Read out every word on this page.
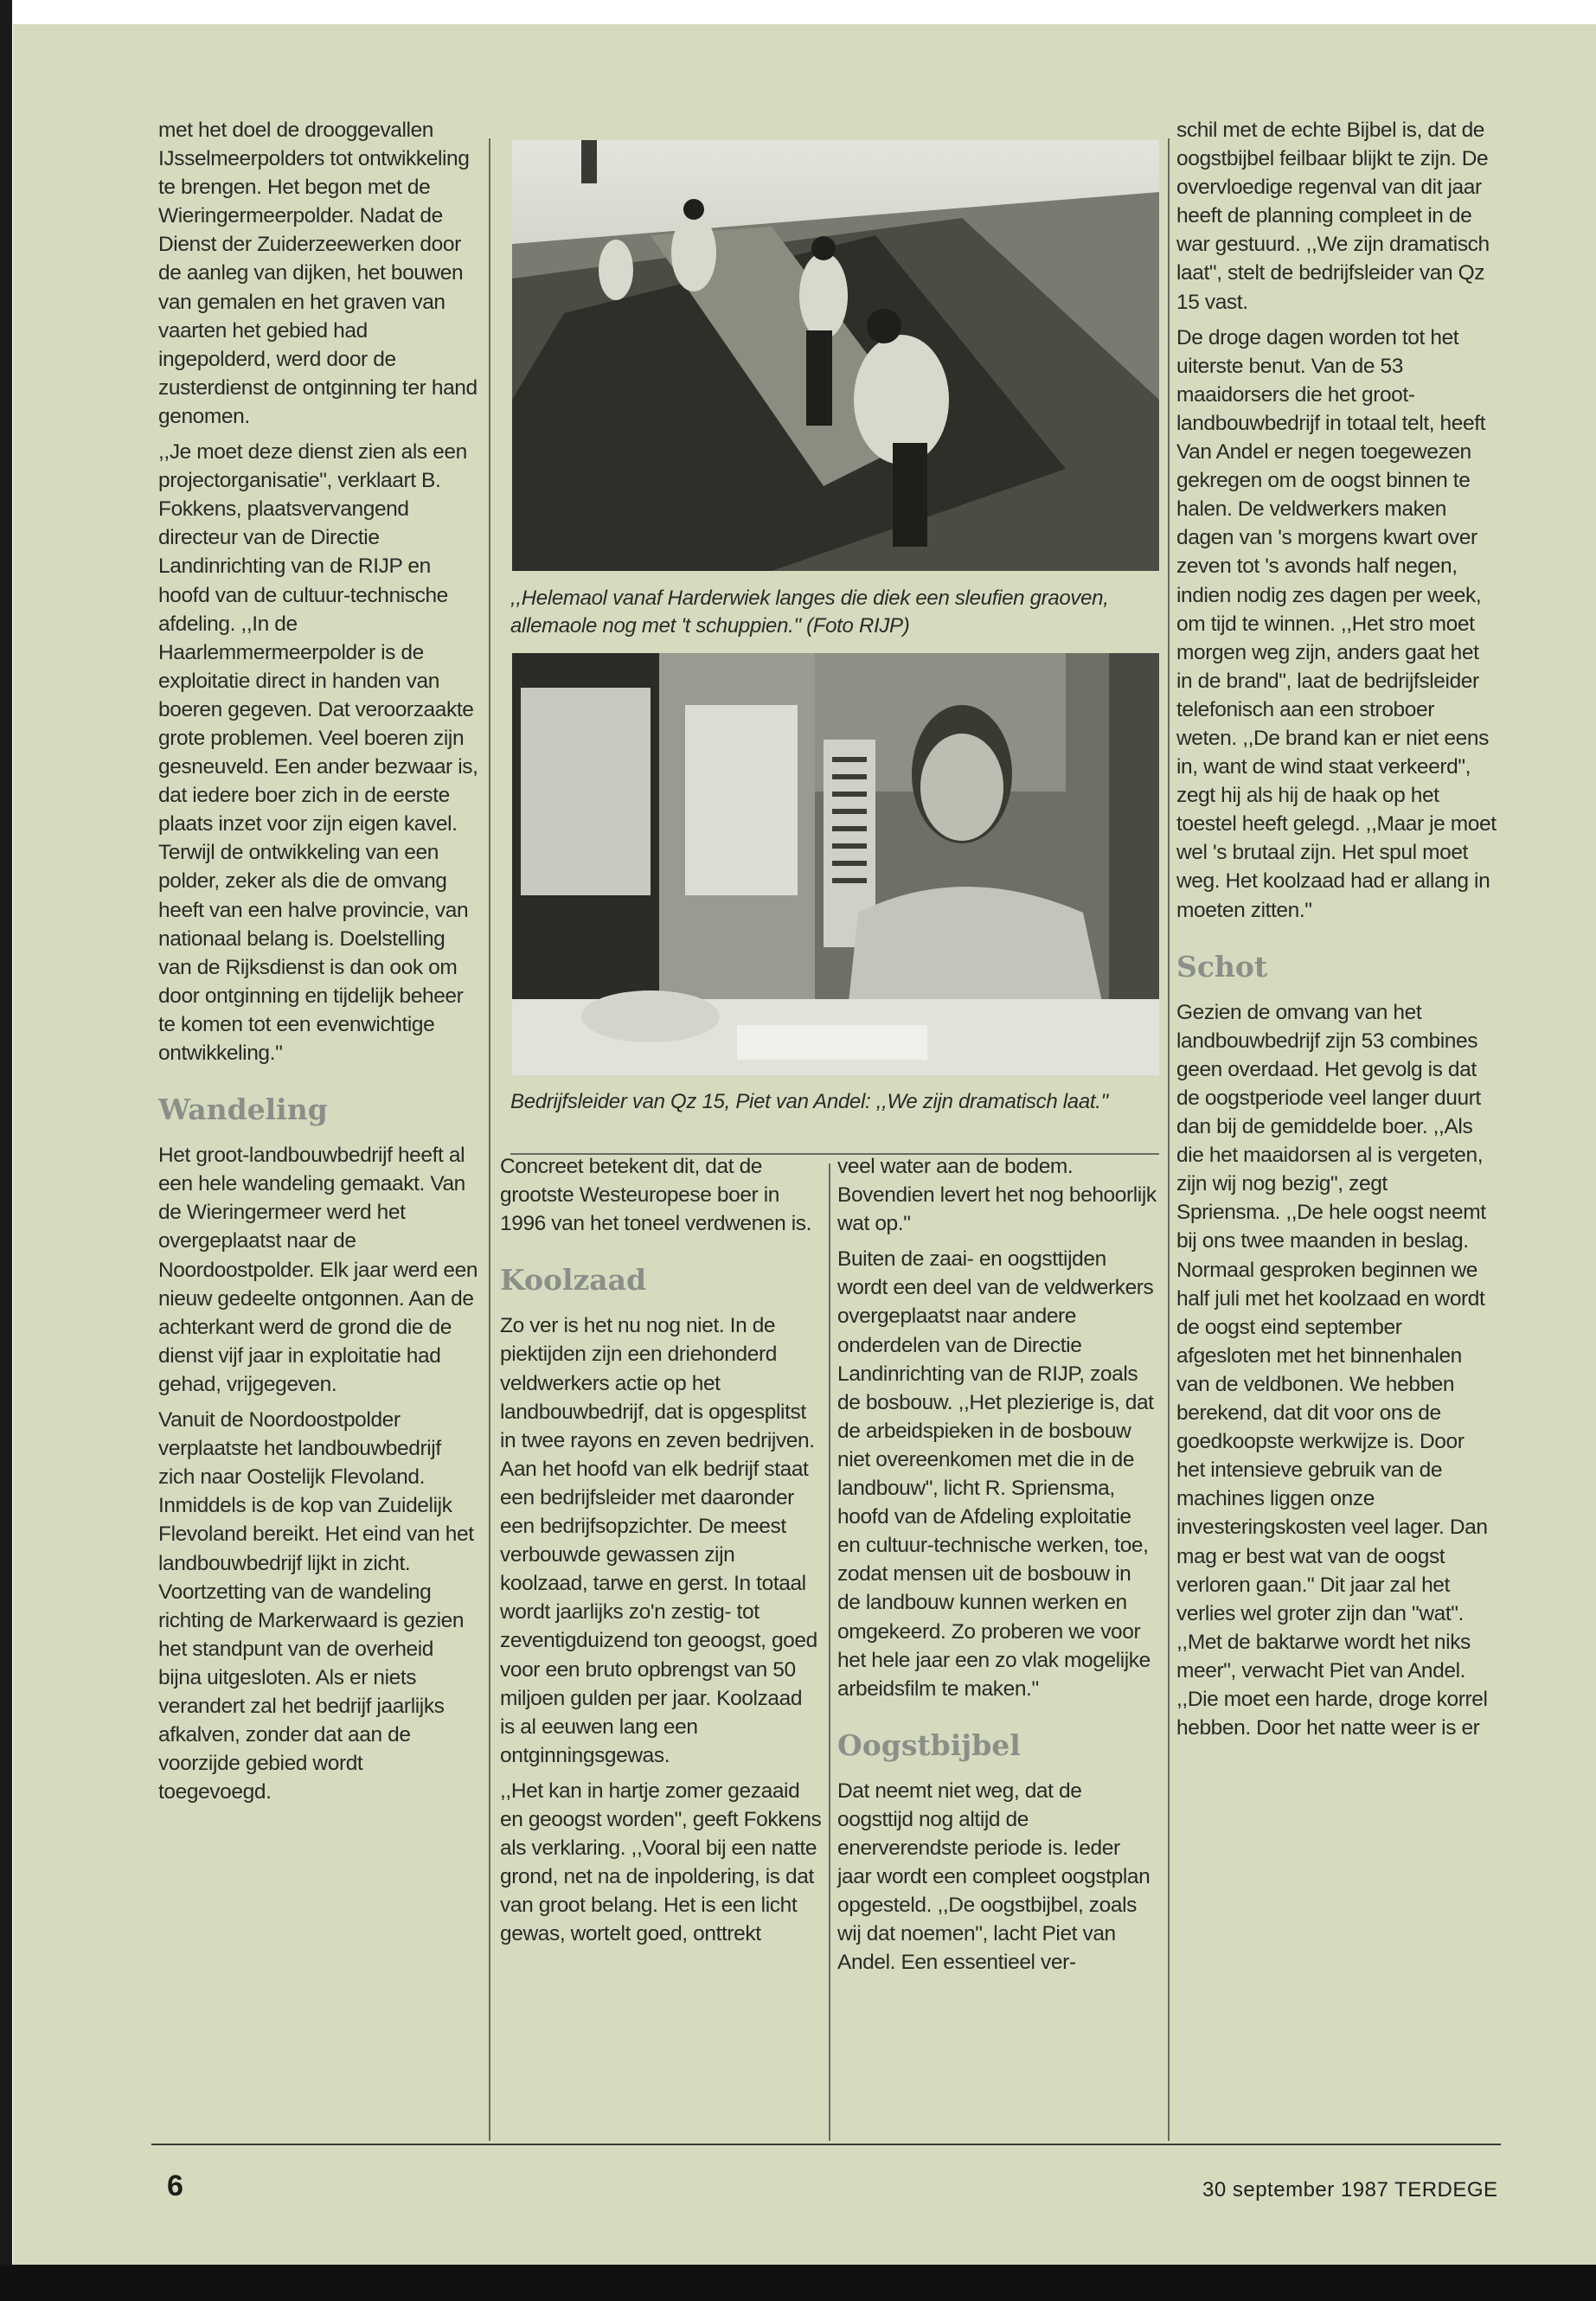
met het doel de drooggevallen IJsselmeerpolders tot ontwikkeling te brengen. Het begon met de Wieringermeerpolder. Nadat de Dienst der Zuiderzeewerken door de aanleg van dijken, het bouwen van gemalen en het graven van vaarten het gebied had ingepolderd, werd door de zusterdienst de ontginning ter hand genomen.

,,Je moet deze dienst zien als een projectorganisatie", verklaart B. Fokkens, plaatsvervangend directeur van de Directie Landinrichting van de RIJP en hoofd van de cultuur-technische afdeling. ,,In de Haarlemmermeerpolder is de exploitatie direct in handen van boeren gegeven. Dat veroorzaakte grote problemen. Veel boeren zijn gesneuveld. Een ander bezwaar is, dat iedere boer zich in de eerste plaats inzet voor zijn eigen kavel. Terwijl de ontwikkeling van een polder, zeker als die de omvang heeft van een halve provincie, van nationaal belang is. Doelstelling van de Rijksdienst is dan ook om door ontginning en tijdelijk beheer te komen tot een evenwichtige ontwikkeling."

Wandeling

Het groot-landbouwbedrijf heeft al een hele wandeling gemaakt. Van de Wieringermeer werd het overgeplaatst naar de Noordoostpolder. Elk jaar werd een nieuw gedeelte ontgonnen. Aan de achterkant werd de grond die de dienst vijf jaar in exploitatie had gehad, vrijgegeven.

Vanuit de Noordoostpolder verplaatste het landbouwbedrijf zich naar Oostelijk Flevoland. Inmiddels is de kop van Zuidelijk Flevoland bereikt. Het eind van het landbouwbedrijf lijkt in zicht. Voortzetting van de wandeling richting de Markerwaard is gezien het standpunt van de overheid bijna uitgesloten. Als er niets verandert zal het bedrijf jaarlijks afkalven, zonder dat aan de voorzijde gebied wordt toegevoegd.

,,Helemaol vanaf Harderwiek langes die diek een sleufien graoven, allemaole nog met 't schuppien." (Foto RIJP)
Bedrijfsleider van Qz 15, Piet van Andel: ,,We zijn dramatisch laat."

Concreet betekent dit, dat de grootste Westeuropese boer in 1996 van het toneel verdwenen is.

Koolzaad

Zo ver is het nu nog niet. In de piektijden zijn een driehonderd veldwerkers actie op het landbouwbedrijf, dat is opgesplitst in twee rayons en zeven bedrijven. Aan het hoofd van elk bedrijf staat een bedrijfsleider met daaronder een bedrijfsopzichter. De meest verbouwde gewassen zijn koolzaad, tarwe en gerst. In totaal wordt jaarlijks zo'n zestig- tot zeventigduizend ton geoogst, goed voor een bruto opbrengst van 50 miljoen gulden per jaar. Koolzaad is al eeuwen lang een ontginningsgewas.

,,Het kan in hartje zomer gezaaid en geoogst worden", geeft Fokkens als verklaring. ,,Vooral bij een natte grond, net na de inpoldering, is dat van groot belang. Het is een licht gewas, wortelt goed, onttrekt

veel water aan de bodem. Bovendien levert het nog behoorlijk wat op."

Buiten de zaai- en oogsttijden wordt een deel van de veldwerkers overgeplaatst naar andere onderdelen van de Directie Landinrichting van de RIJP, zoals de bosbouw. ,,Het plezierige is, dat de arbeidspieken in de bosbouw niet overeenkomen met die in de landbouw", licht R. Spriensma, hoofd van de Afdeling exploitatie en cultuur-technische werken, toe, zodat mensen uit de bosbouw in de landbouw kunnen werken en omgekeerd. Zo proberen we voor het hele jaar een zo vlak mogelijke arbeidsfilm te maken."

Oogstbijbel

Dat neemt niet weg, dat de oogsttijd nog altijd de enerverendste periode is. Ieder jaar wordt een compleet oogstplan opgesteld. ,,De oogstbijbel, zoals wij dat noemen", lacht Piet van Andel. Een essentieel ver-

schil met de echte Bijbel is, dat de oogstbijbel feilbaar blijkt te zijn. De overvloedige regenval van dit jaar heeft de planning compleet in de war gestuurd. ,,We zijn dramatisch laat", stelt de bedrijfsleider van Qz 15 vast.

De droge dagen worden tot het uiterste benut. Van de 53 maaidorsers die het groot-landbouwbedrijf in totaal telt, heeft Van Andel er negen toegewezen gekregen om de oogst binnen te halen. De veldwerkers maken dagen van 's morgens kwart over zeven tot 's avonds half negen, indien nodig zes dagen per week, om tijd te winnen. ,,Het stro moet morgen weg zijn, anders gaat het in de brand", laat de bedrijfsleider telefonisch aan een stroboer weten. ,,De brand kan er niet eens in, want de wind staat verkeerd", zegt hij als hij de haak op het toestel heeft gelegd. ,,Maar je moet wel 's brutaal zijn. Het spul moet weg. Het koolzaad had er allang in moeten zitten."

Schot

Gezien de omvang van het landbouwbedrijf zijn 53 combines geen overdaad. Het gevolg is dat de oogstperiode veel langer duurt dan bij de gemiddelde boer. ,,Als die het maaidorsen al is vergeten, zijn wij nog bezig", zegt Spriensma. ,,De hele oogst neemt bij ons twee maanden in beslag. Normaal gesproken beginnen we half juli met het koolzaad en wordt de oogst eind september afgesloten met het binnenhalen van de veldbonen. We hebben berekend, dat dit voor ons de goedkoopste werkwijze is. Door het intensieve gebruik van de machines liggen onze investeringskosten veel lager. Dan mag er best wat van de oogst verloren gaan." Dit jaar zal het verlies wel groter zijn dan "wat". ,,Met de baktarwe wordt het niks meer", verwacht Piet van Andel. ,,Die moet een harde, droge korrel hebben. Door het natte weer is er

6	30 september 1987 TERDEGE
